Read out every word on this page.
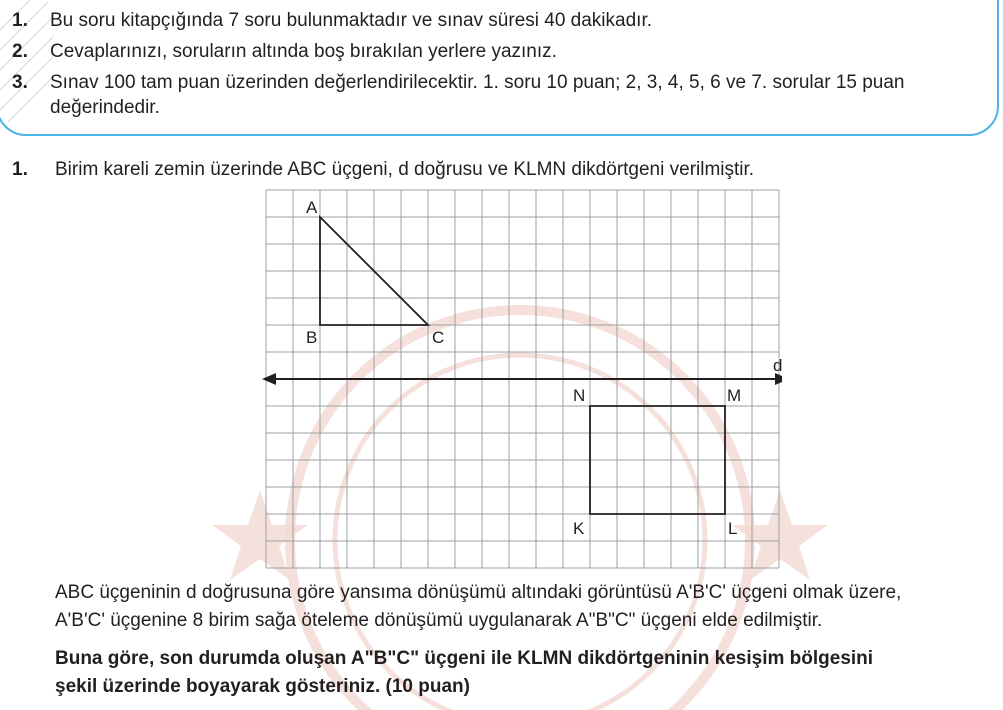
1. Bu soru kitapçığında 7 soru bulunmaktadır ve sınav süresi 40 dakikadır.
2. Cevaplarınızı, soruların altında boş bırakılan yerlere yazınız.
3. Sınav 100 tam puan üzerinden değerlendirilecektir. 1. soru 10 puan; 2, 3, 4, 5, 6 ve 7. sorular 15 puan değerindedir.
1. Birim kareli zemin üzerinde ABC üçgeni, d doğrusu ve KLMN dikdörtgeni verilmiştir.
A
B	C
d
N	M
K	L
ABC üçgeninin d doğrusuna göre yansıma dönüşümü altındaki görüntüsü A'B'C' üçgeni olmak üzere,
A'B'C' üçgenine 8 birim sağa öteleme dönüşümü uygulanarak A"B"C" üçgeni elde edilmiştir.
Buna göre, son durumda oluşan A"B"C" üçgeni ile KLMN dikdörtgeninin kesişim bölgesini
şekil üzerinde boyayarak gösteriniz. (10 puan)
